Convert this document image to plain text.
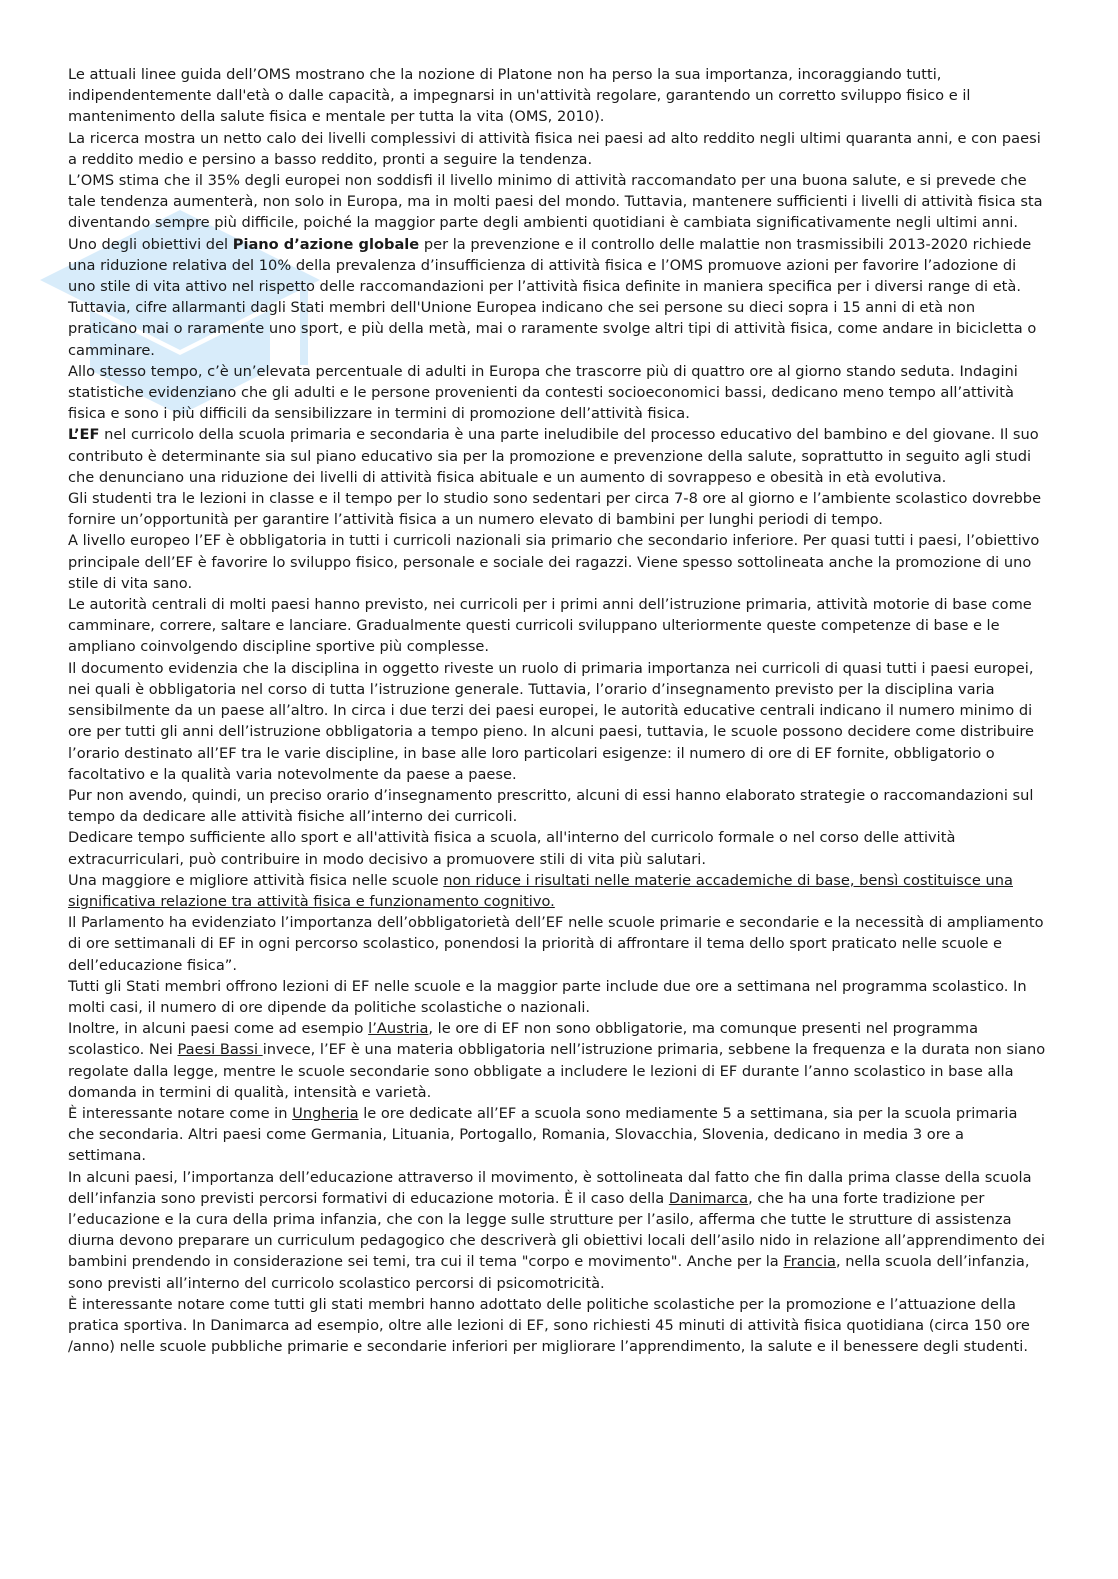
Le attuali linee guida dell’OMS mostrano che la nozione di Platone non ha perso la sua importanza, incoraggiando tutti, indipendentemente dall'età o dalle capacità, a impegnarsi in un'attività regolare, garantendo un corretto sviluppo fisico e il mantenimento della salute fisica e mentale per tutta la vita (OMS, 2010).

La ricerca mostra un netto calo dei livelli complessivi di attività fisica nei paesi ad alto reddito negli ultimi quaranta anni, e con paesi a reddito medio e persino a basso reddito, pronti a seguire la tendenza.

L’OMS stima che il 35% degli europei non soddisfi il livello minimo di attività raccomandato per una buona salute, e si prevede che tale tendenza aumenterà, non solo in Europa, ma in molti paesi del mondo. Tuttavia, mantenere sufficienti i livelli di attività fisica sta diventando sempre più difficile, poiché la maggior parte degli ambienti quotidiani è cambiata significativamente negli ultimi anni.

Uno degli obiettivi del Piano d’azione globale per la prevenzione e il controllo delle malattie non trasmissibili 2013-2020 richiede una riduzione relativa del 10% della prevalenza d’insufficienza di attività fisica e l’OMS promuove azioni per favorire l’adozione di uno stile di vita attivo nel rispetto delle raccomandazioni per l’attività fisica definite in maniera specifica per i diversi range di età.

Tuttavia, cifre allarmanti dagli Stati membri dell'Unione Europea indicano che sei persone su dieci sopra i 15 anni di età non praticano mai o raramente uno sport, e più della metà, mai o raramente svolge altri tipi di attività fisica, come andare in bicicletta o camminare.

Allo stesso tempo, c’è un’elevata percentuale di adulti in Europa che trascorre più di quattro ore al giorno stando seduta. Indagini statistiche evidenziano che gli adulti e le persone provenienti da contesti socioeconomici bassi, dedicano meno tempo all’attività fisica e sono i più difficili da sensibilizzare in termini di promozione dell’attività fisica.

L’EF nel curricolo della scuola primaria e secondaria è una parte ineludibile del processo educativo del bambino e del giovane. Il suo contributo è determinante sia sul piano educativo sia per la promozione e prevenzione della salute, soprattutto in seguito agli studi che denunciano una riduzione dei livelli di attività fisica abituale e un aumento di sovrappeso e obesità in età evolutiva.

Gli studenti tra le lezioni in classe e il tempo per lo studio sono sedentari per circa 7-8 ore al giorno e l’ambiente scolastico dovrebbe fornire un’opportunità per garantire l’attività fisica a un numero elevato di bambini per lunghi periodi di tempo.

A livello europeo l’EF è obbligatoria in tutti i curricoli nazionali sia primario che secondario inferiore. Per quasi tutti i paesi, l’obiettivo principale dell’EF è favorire lo sviluppo fisico, personale e sociale dei ragazzi. Viene spesso sottolineata anche la promozione di uno stile di vita sano.

Le autorità centrali di molti paesi hanno previsto, nei curricoli per i primi anni dell’istruzione primaria, attività motorie di base come camminare, correre, saltare e lanciare. Gradualmente questi curricoli sviluppano ulteriormente queste competenze di base e le ampliano coinvolgendo discipline sportive più complesse.

Il documento evidenzia che la disciplina in oggetto riveste un ruolo di primaria importanza nei curricoli di quasi tutti i paesi europei, nei quali è obbligatoria nel corso di tutta l’istruzione generale. Tuttavia, l’orario d’insegnamento previsto per la disciplina varia sensibilmente da un paese all’altro. In circa i due terzi dei paesi europei, le autorità educative centrali indicano il numero minimo di ore per tutti gli anni dell’istruzione obbligatoria a tempo pieno. In alcuni paesi, tuttavia, le scuole possono decidere come distribuire l’orario destinato all’EF tra le varie discipline, in base alle loro particolari esigenze: il numero di ore di EF fornite, obbligatorio o facoltativo e la qualità varia notevolmente da paese a paese.

Pur non avendo, quindi, un preciso orario d’insegnamento prescritto, alcuni di essi hanno elaborato strategie o raccomandazioni sul tempo da dedicare alle attività fisiche all’interno dei curricoli.

Dedicare tempo sufficiente allo sport e all'attività fisica a scuola, all'interno del curricolo formale o nel corso delle attività extracurriculari, può contribuire in modo decisivo a promuovere stili di vita più salutari.

Una maggiore e migliore attività fisica nelle scuole non riduce i risultati nelle materie accademiche di base, bensì costituisce una significativa relazione tra attività fisica e funzionamento cognitivo.

Il Parlamento ha evidenziato l’importanza dell’obbligatorietà dell’EF nelle scuole primarie e secondarie e la necessità di ampliamento di ore settimanali di EF in ogni percorso scolastico, ponendosi la priorità di affrontare il tema dello sport praticato nelle scuole e dell’educazione fisica”.

Tutti gli Stati membri offrono lezioni di EF nelle scuole e la maggior parte include due ore a settimana nel programma scolastico. In molti casi, il numero di ore dipende da politiche scolastiche o nazionali.

Inoltre, in alcuni paesi come ad esempio l’Austria, le ore di EF non sono obbligatorie, ma comunque presenti nel programma scolastico. Nei Paesi Bassi invece, l’EF è una materia obbligatoria nell’istruzione primaria, sebbene la frequenza e la durata non siano regolate dalla legge, mentre le scuole secondarie sono obbligate a includere le lezioni di EF durante l’anno scolastico in base alla domanda in termini di qualità, intensità e varietà.

È interessante notare come in Ungheria le ore dedicate all’EF a scuola sono mediamente 5 a settimana, sia per la scuola primaria che secondaria. Altri paesi come Germania, Lituania, Portogallo, Romania, Slovacchia, Slovenia, dedicano in media 3 ore a settimana.

In alcuni paesi, l’importanza dell’educazione attraverso il movimento, è sottolineata dal fatto che fin dalla prima classe della scuola dell’infanzia sono previsti percorsi formativi di educazione motoria. È il caso della Danimarca, che ha una forte tradizione per l’educazione e la cura della prima infanzia, che con la legge sulle strutture per l’asilo, afferma che tutte le strutture di assistenza diurna devono preparare un curriculum pedagogico che descriverà gli obiettivi locali dell’asilo nido in relazione all’apprendimento dei bambini prendendo in considerazione sei temi, tra cui il tema "corpo e movimento". Anche per la Francia, nella scuola dell’infanzia, sono previsti all’interno del curricolo scolastico percorsi di psicomotricità.

È interessante notare come tutti gli stati membri hanno adottato delle politiche scolastiche per la promozione e l’attuazione della pratica sportiva. In Danimarca ad esempio, oltre alle lezioni di EF, sono richiesti 45 minuti di attività fisica quotidiana (circa 150 ore /anno) nelle scuole pubbliche primarie e secondarie inferiori per migliorare l’apprendimento, la salute e il benessere degli studenti.
